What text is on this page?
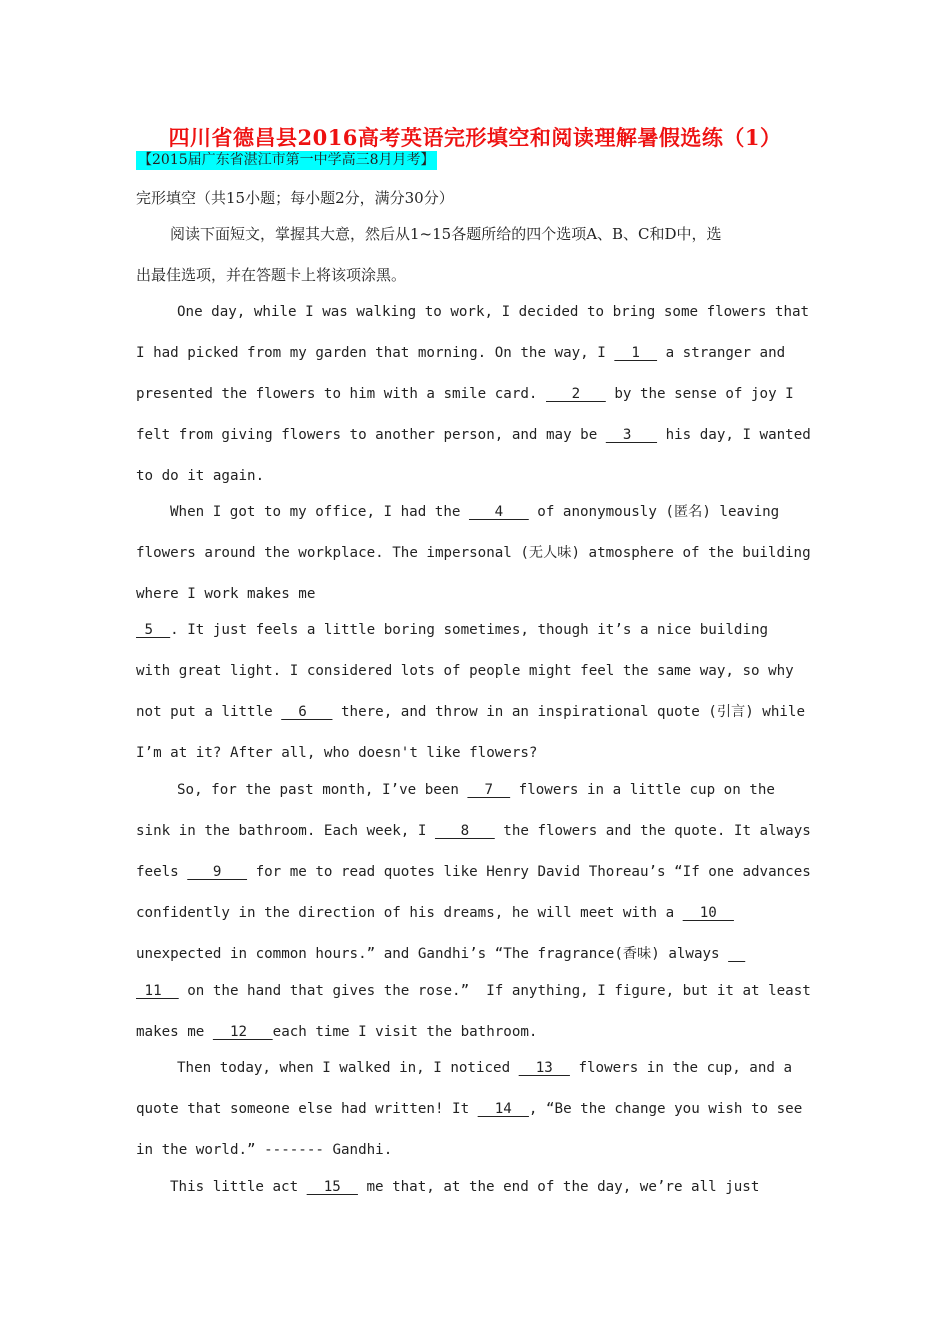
四川省德昌县2016高考英语完形填空和阅读理解暑假选练（1）
【2015届广东省湛江市第一中学高三8月月考】
完形填空（共15小题；每小题2分，满分30分）
阅读下面短文，掌握其大意，然后从1~15各题所给的四个选项A、B、C和D中，选
出最佳选项，并在答题卡上将该项涂黑。
One day, while I was walking to work, I decided to bring some flowers that
I had picked from my garden that morning. On the way, I   1   a stranger and
presented the flowers to him with a smile card.    2    by the sense of joy I
felt from giving flowers to another person, and may be   3    his day, I wanted
to do it again.
When I got to my office, I had the    4    of anonymously (匿名) leaving
flowers around the workplace. The impersonal (无人味) atmosphere of the building
where I work makes me
5  . It just feels a little boring sometimes, though it’s a nice building
with great light. I considered lots of people might feel the same way, so why
not put a little   6    there, and throw in an inspirational quote (引言) while
I’m at it? After all, who doesn't like flowers?
So, for the past month, I’ve been   7   flowers in a little cup on the
sink in the bathroom. Each week, I    8    the flowers and the quote. It always
feels    9    for me to read quotes like Henry David Thoreau’s “If one advances
confidently in the direction of his dreams, he will meet with a   10
unexpected in common hours.” and Gandhi’s “The fragrance(香味) always
11   on the hand that gives the rose.”  If anything, I figure, but it at least
makes me   12   each time I visit the bathroom.
Then today, when I walked in, I noticed   13   flowers in the cup, and a
quote that someone else had written! It   14  , “Be the change you wish to see
in the world.” ------- Gandhi.
This little act   15   me that, at the end of the day, we’re all just
